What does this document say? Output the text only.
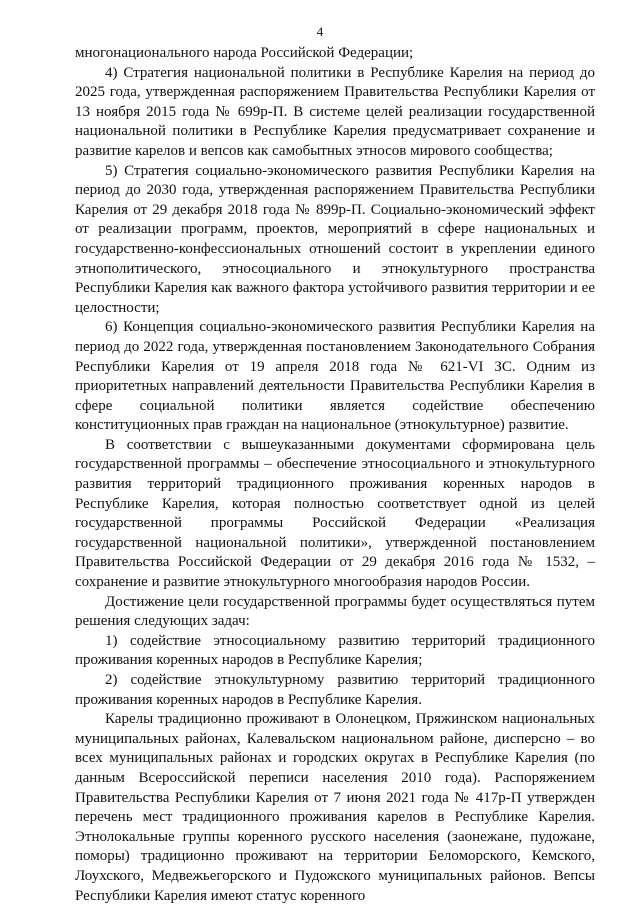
4

многонационального народа Российской Федерации;

4) Стратегия национальной политики в Республике Карелия на период до 2025 года, утвержденная распоряжением Правительства Республики Карелия от 13 ноября 2015 года № 699р-П. В системе целей реализации государственной национальной политики в Республике Карелия предусматривает сохранение и развитие карелов и вепсов как самобытных этносов мирового сообщества;

5) Стратегия социально-экономического развития Республики Карелия на период до 2030 года, утвержденная распоряжением Правительства Республики Карелия от 29 декабря 2018 года № 899р-П. Социально-экономический эффект от реализации программ, проектов, мероприятий в сфере национальных и государственно-конфессиональных отношений состоит в укреплении единого этнополитического, этносоциального и этнокультурного пространства Республики Карелия как важного фактора устойчивого развития территории и ее целостности;

6) Концепция социально-экономического развития Республики Карелия на период до 2022 года, утвержденная постановлением Законодательного Собрания Республики Карелия от 19 апреля 2018 года № 621-VI ЗС. Одним из приоритетных направлений деятельности Правительства Республики Карелия в сфере социальной политики является содействие обеспечению конституционных прав граждан на национальное (этнокультурное) развитие.

В соответствии с вышеуказанными документами сформирована цель государственной программы – обеспечение этносоциального и этнокультурного развития территорий традиционного проживания коренных народов в Республике Карелия, которая полностью соответствует одной из целей государственной программы Российской Федерации «Реализация государственной национальной политики», утвержденной постановлением Правительства Российской Федерации от 29 декабря 2016 года № 1532, – сохранение и развитие этнокультурного многообразия народов России.

Достижение цели государственной программы будет осуществляться путем решения следующих задач:

1) содействие этносоциальному развитию территорий традиционного проживания коренных народов в Республике Карелия;

2) содействие этнокультурному развитию территорий традиционного проживания коренных народов в Республике Карелия.

Карелы традиционно проживают в Олонецком, Пряжинском национальных муниципальных районах, Калевальском национальном районе, дисперсно – во всех муниципальных районах и городских округах в Республике Карелия (по данным Всероссийской переписи населения 2010 года). Распоряжением Правительства Республики Карелия от 7 июня 2021 года № 417р-П утвержден перечень мест традиционного проживания карелов в Республике Карелия. Этнолокальные группы коренного русского населения (заонежане, пудожане, поморы) традиционно проживают на территории Беломорского, Кемского, Лоухского, Медвежьегорского и Пудожского муниципальных районов. Вепсы Республики Карелия имеют статус коренного
